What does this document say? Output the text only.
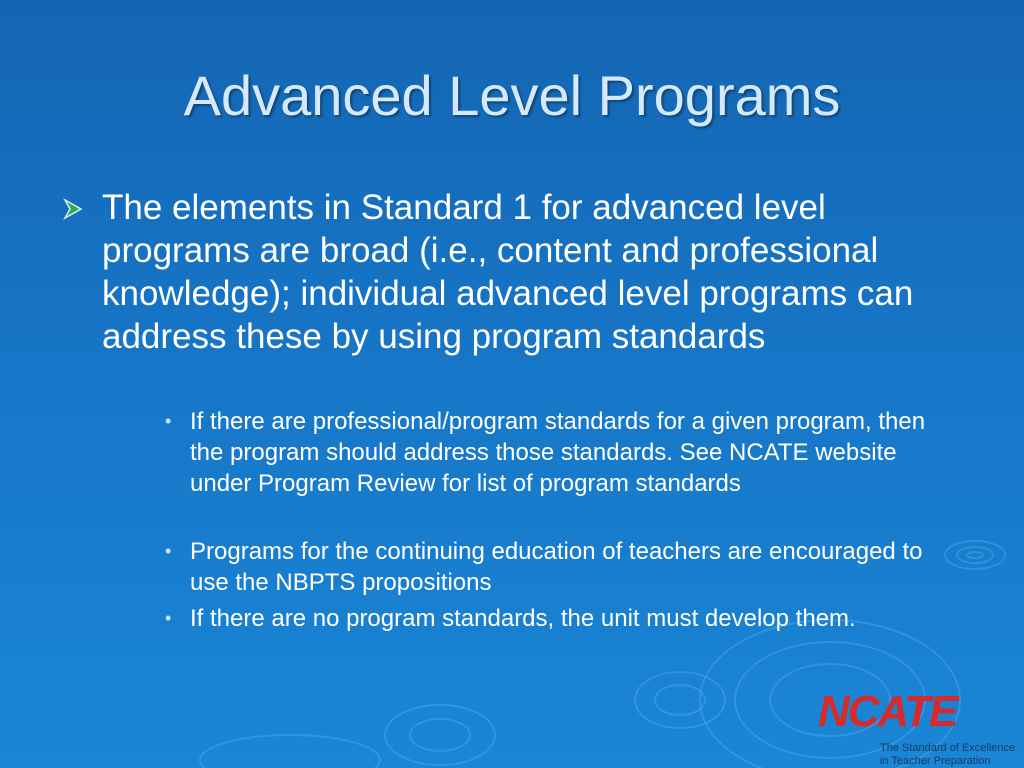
Advanced Level Programs
The elements in Standard 1 for advanced level programs are broad (i.e., content and professional knowledge); individual advanced level programs can address these by using program standards
• If there are professional/program standards for a given program, then the program should address those standards. See NCATE website under Program Review for list of program standards
• Programs for the continuing education of teachers are encouraged to use the NBPTS propositions
• If there are no program standards, the unit must develop them.
NCATE
The Standard of Excellence
in Teacher Preparation
